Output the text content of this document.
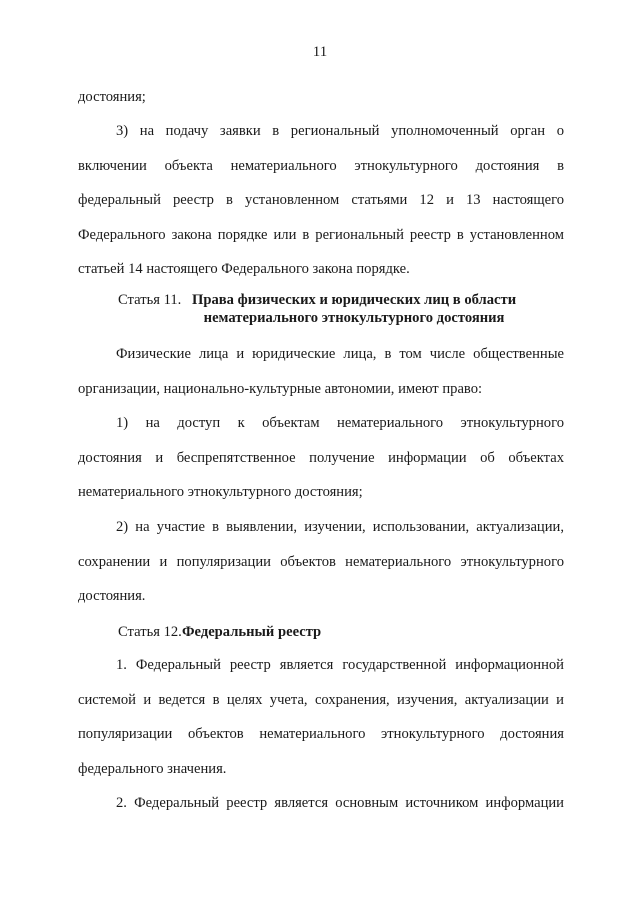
11
достояния;
3) на подачу заявки в региональный уполномоченный орган о
включении объекта нематериального этнокультурного достояния в
федеральный реестр в установленном статьями 12 и 13 настоящего
Федерального закона порядке или в региональный реестр в установленном
статьей 14 настоящего Федерального закона порядке.
Статья 11. Права физических и юридических лиц в области
нематериального этнокультурного достояния
Физические лица и юридические лица, в том числе общественные
организации, национально-культурные автономии, имеют право:
1) на доступ к объектам нематериального этнокультурного
достояния и беспрепятственное получение информации об объектах
нематериального этнокультурного достояния;
2) на участие в выявлении, изучении, использовании, актуализации,
сохранении и популяризации объектов нематериального этнокультурного
достояния.
Статья 12. Федеральный реестр
1. Федеральный реестр является государственной информационной
системой и ведется в целях учета, сохранения, изучения, актуализации и
популяризации объектов нематериального этнокультурного достояния
федерального значения.
2. Федеральный реестр является основным источником информации
